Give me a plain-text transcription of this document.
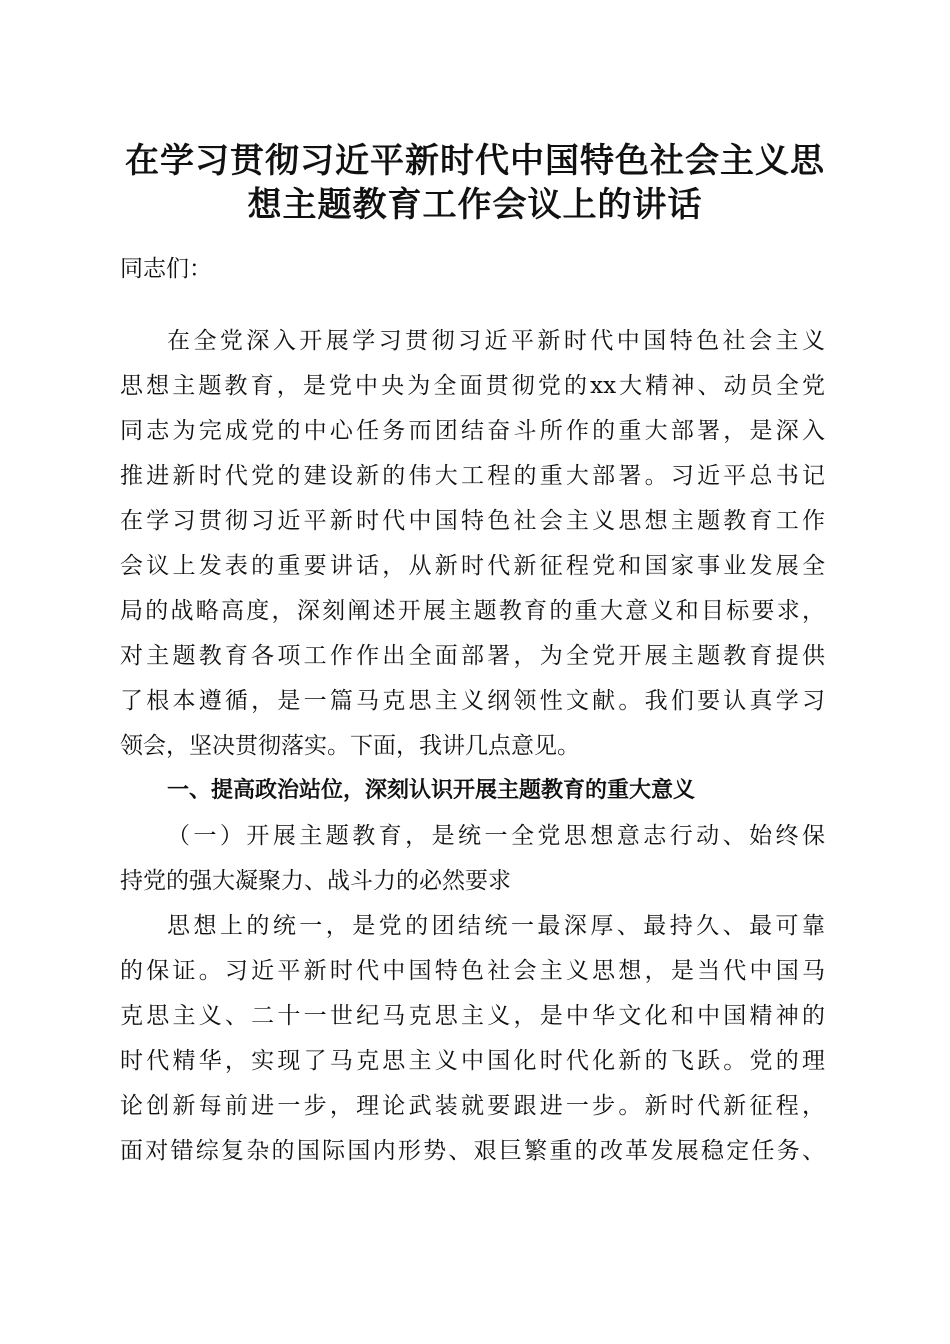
在学习贯彻习近平新时代中国特色社会主义思
想主题教育工作会议上的讲话
同志们：
在全党深入开展学习贯彻习近平新时代中国特色社会主义
思想主题教育，是党中央为全面贯彻党的xx大精神、动员全党
同志为完成党的中心任务而团结奋斗所作的重大部署，是深入
推进新时代党的建设新的伟大工程的重大部署。习近平总书记
在学习贯彻习近平新时代中国特色社会主义思想主题教育工作
会议上发表的重要讲话，从新时代新征程党和国家事业发展全
局的战略高度，深刻阐述开展主题教育的重大意义和目标要求，
对主题教育各项工作作出全面部署，为全党开展主题教育提供
了根本遵循，是一篇马克思主义纲领性文献。我们要认真学习
领会，坚决贯彻落实。下面，我讲几点意见。
一、提高政治站位，深刻认识开展主题教育的重大意义
（一）开展主题教育，是统一全党思想意志行动、始终保
持党的强大凝聚力、战斗力的必然要求
思想上的统一，是党的团结统一最深厚、最持久、最可靠
的保证。习近平新时代中国特色社会主义思想，是当代中国马
克思主义、二十一世纪马克思主义，是中华文化和中国精神的
时代精华，实现了马克思主义中国化时代化新的飞跃。党的理
论创新每前进一步，理论武装就要跟进一步。新时代新征程，
面对错综复杂的国际国内形势、艰巨繁重的改革发展稳定任务、
